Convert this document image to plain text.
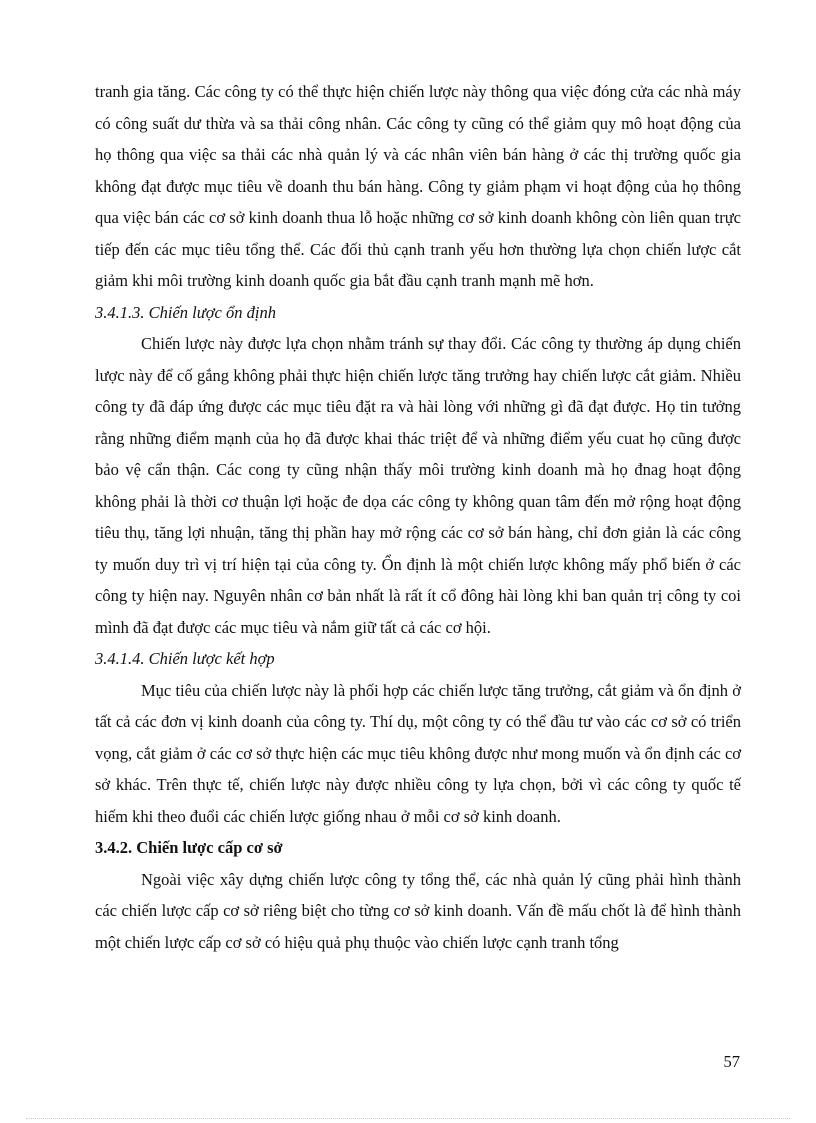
tranh gia tăng. Các công ty có thể thực hiện chiến lược này thông qua việc đóng cửa các nhà máy có công suất dư thừa và sa thải công nhân. Các công ty cũng có thể giảm quy mô hoạt động của họ thông qua việc sa thải các nhà quản lý và các nhân viên bán hàng ở các thị trường quốc gia không đạt được mục tiêu về doanh thu bán hàng. Công ty giảm phạm vi hoạt động của họ thông qua việc bán các cơ sở kinh doanh thua lỗ hoặc những cơ sở kinh doanh không còn liên quan trực tiếp đến các mục tiêu tổng thể. Các đối thủ cạnh tranh yếu hơn thường lựa chọn chiến lược cắt giảm khi môi trường kinh doanh quốc gia bắt đầu cạnh tranh mạnh mẽ hơn.

3.4.1.3. Chiến lược ổn định

Chiến lược này được lựa chọn nhằm tránh sự thay đổi. Các công ty thường áp dụng chiến lược này để cố gắng không phải thực hiện chiến lược tăng trưởng hay chiến lược cắt giảm. Nhiều công ty đã đáp ứng được các mục tiêu đặt ra và hài lòng với những gì đã đạt được. Họ tin tưởng rằng những điểm mạnh của họ đã được khai thác triệt để và những điểm yếu cuat họ cũng được bảo vệ cẩn thận. Các cong ty cũng nhận thấy môi trường kinh doanh mà họ đnag hoạt động không phải là thời cơ thuận lợi hoặc đe dọa các công ty không quan tâm đến mở rộng hoạt động tiêu thụ, tăng lợi nhuận, tăng thị phần hay mở rộng các cơ sở bán hàng, chỉ đơn giản là các công ty muốn duy trì vị trí hiện tại của công ty. Ổn định là một chiến lược không mấy phổ biến ở các công ty hiện nay. Nguyên nhân cơ bản nhất là rất ít cổ đông hài lòng khi ban quản trị công ty coi mình đã đạt được các mục tiêu và nắm giữ tất cả các cơ hội.

3.4.1.4. Chiến lược kết hợp

Mục tiêu của chiến lược này là phối hợp các chiến lược tăng trưởng, cắt giảm và ổn định ở tất cả các đơn vị kinh doanh của công ty. Thí dụ, một công ty có thể đầu tư vào các cơ sở có triển vọng, cắt giảm ở các cơ sở thực hiện các mục tiêu không được như mong muốn và ổn định các cơ sở khác. Trên thực tế, chiến lược này được nhiều công ty lựa chọn, bởi vì các công ty quốc tế hiếm khi theo đuổi các chiến lược giống nhau ở mỗi cơ sở kinh doanh.

3.4.2. Chiến lược cấp cơ sở

Ngoài việc xây dựng chiến lược công ty tổng thể, các nhà quản lý cũng phải hình thành các chiến lược cấp cơ sở riêng biệt cho từng cơ sở kinh doanh. Vấn đề mấu chốt là để hình thành một chiến lược cấp cơ sở có hiệu quả phụ thuộc vào chiến lược cạnh tranh tổng

57
